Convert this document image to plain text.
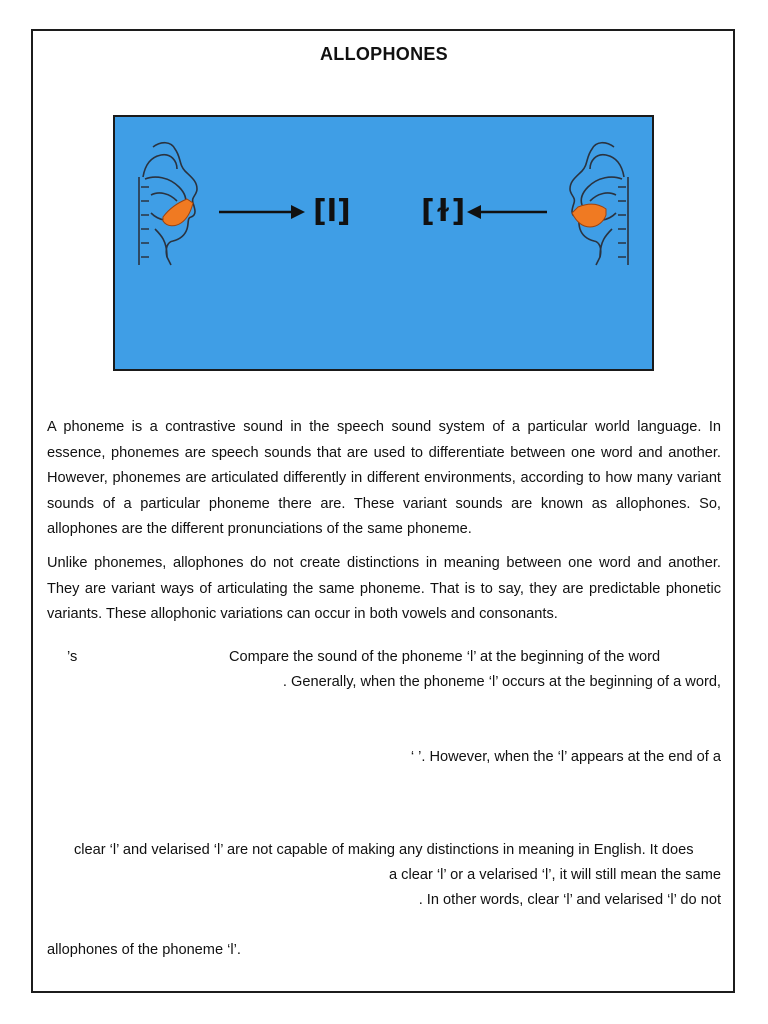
ALLOPHONES
[l] [ɫ]

A phoneme is a contrastive sound in the speech sound system of a particular world language. In essence, phonemes are speech sounds that are used to differentiate between one word and another. However, phonemes are articulated differently in different environments, according to how many variant sounds of a particular phoneme there are. These variant sounds are known as allophones. So, allophones are the different pronunciations of the same phoneme.

Unlike phonemes, allophones do not create distinctions in meaning between one word and another. They are variant ways of articulating the same phoneme. That is to say, they are predictable phonetic variants. These allophonic variations can occur in both vowels and consonants.

’s	Compare the sound of the phoneme ‘l’ at the beginning of the word
. Generally, when the phoneme ‘l’ occurs at the beginning of a word,
‘ ’. However, when the ‘l’ appears at the end of a
clear ‘l’ and velarised ‘l’ are not capable of making any distinctions in meaning in English. It does
a clear ‘l’ or a velarised ‘l’, it will still mean the same
. In other words, clear ‘l’ and velarised ‘l’ do not
allophones of the phoneme ‘l’.
